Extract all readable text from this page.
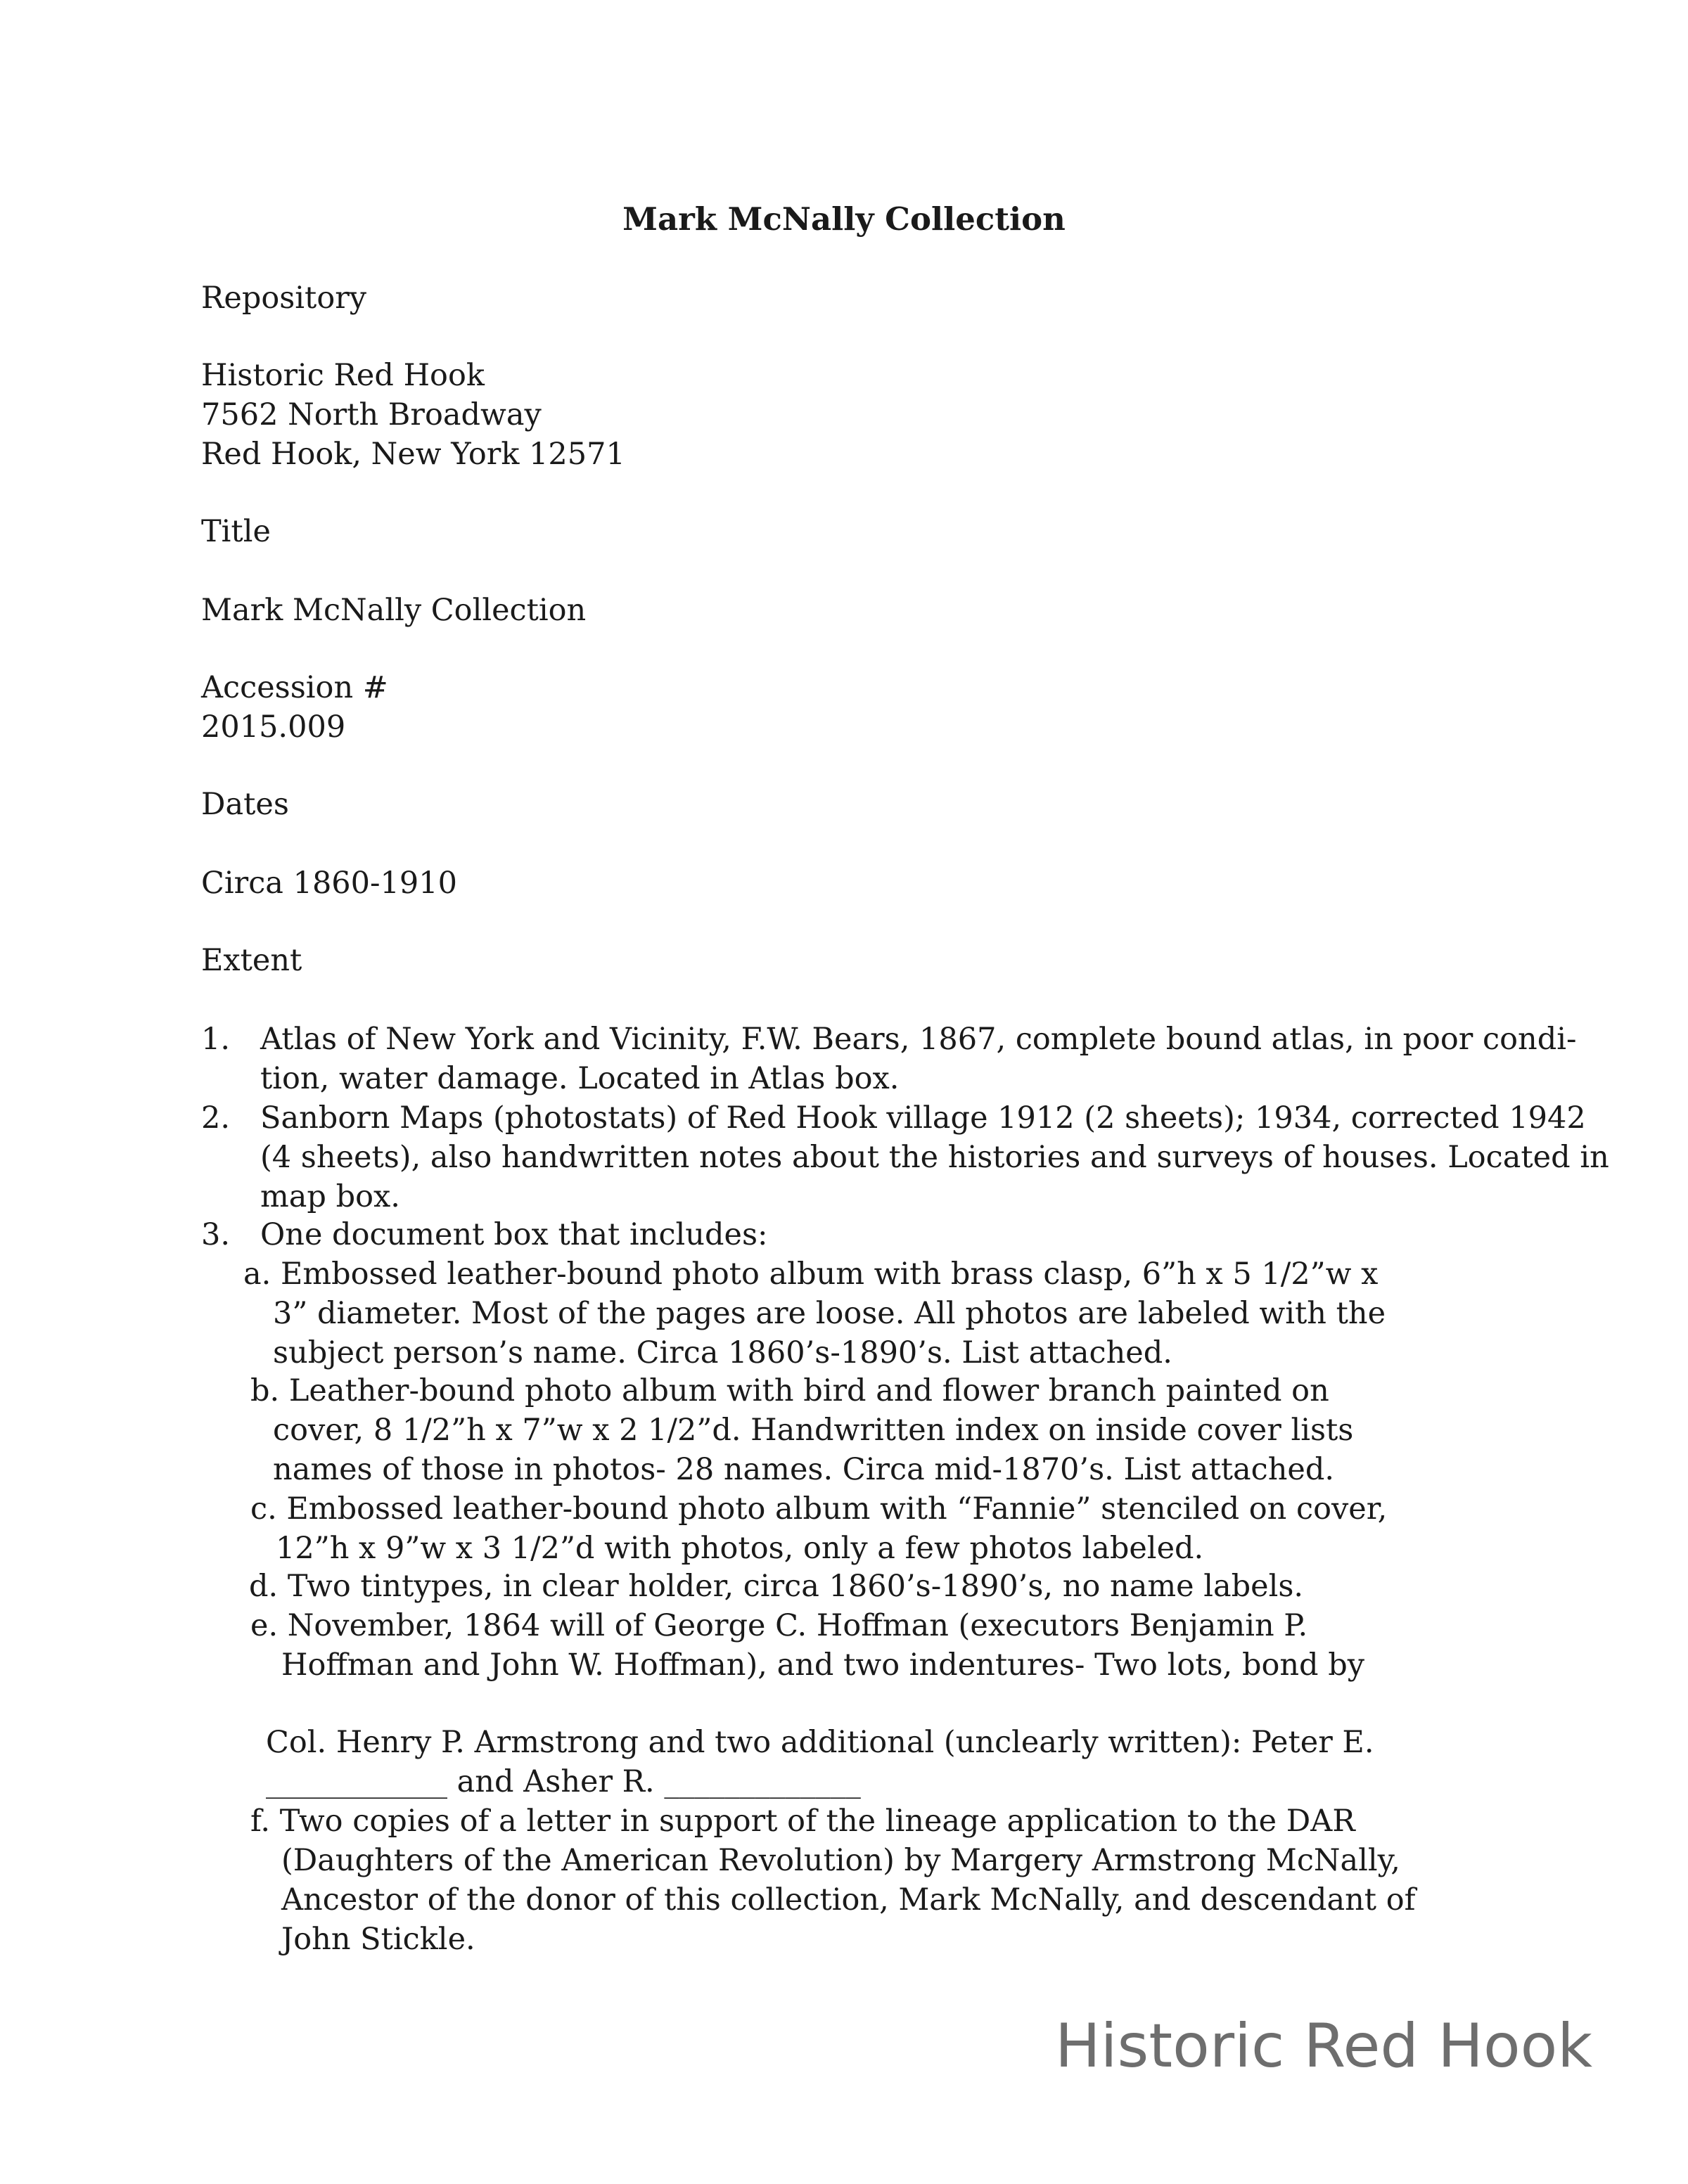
Mark McNally Collection
Repository
Historic Red Hook
7562 North Broadway
Red Hook, New York 12571
Title
Mark McNally Collection
Accession #
2015.009
Dates
Circa 1860-1910
Extent
1. Atlas of New York and Vicinity, F.W. Bears, 1867, complete bound atlas, in poor condi-
tion, water damage. Located in Atlas box.
2. Sanborn Maps (photostats) of Red Hook village 1912 (2 sheets); 1934, corrected 1942
(4 sheets), also handwritten notes about the histories and surveys of houses. Located in
map box.
3. One document box that includes:
a. Embossed leather-bound photo album with brass clasp, 6”h x 5 1/2”w x
3” diameter. Most of the pages are loose. All photos are labeled with the
subject person’s name. Circa 1860’s-1890’s. List attached.
b. Leather-bound photo album with bird and flower branch painted on
cover, 8 1/2”h x 7”w x 2 1/2”d. Handwritten index on inside cover lists
names of those in photos- 28 names. Circa mid-1870’s. List attached.
c. Embossed leather-bound photo album with “Fannie” stenciled on cover,
12”h x 9”w x 3 1/2”d with photos, only a few photos labeled.
d. Two tintypes, in clear holder, circa 1860’s-1890’s, no name labels.
e. November, 1864 will of George C. Hoffman (executors Benjamin P.
Hoffman and John W. Hoffman), and two indentures- Two lots, bond by
Col. Henry P. Armstrong and two additional (unclearly written): Peter E.
____________ and Asher R. _____________
f. Two copies of a letter in support of the lineage application to the DAR
(Daughters of the American Revolution) by Margery Armstrong McNally,
Ancestor of the donor of this collection, Mark McNally, and descendant of
John Stickle.
Historic Red Hook
